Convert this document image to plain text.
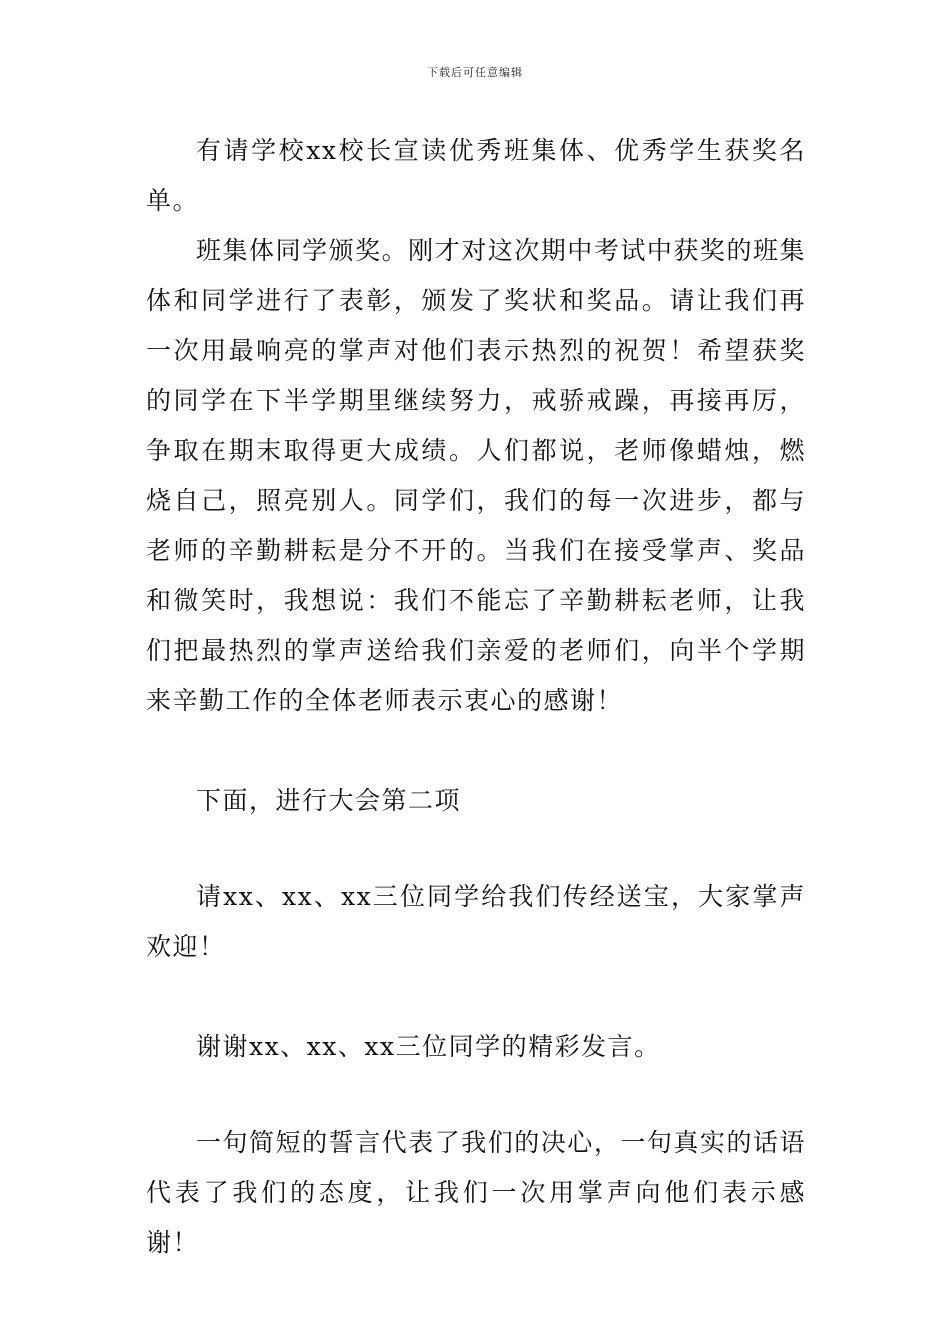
下载后可任意编辑

有请学校xx校长宣读优秀班集体、优秀学生获奖名单。

班集体同学颁奖。刚才对这次期中考试中获奖的班集体和同学进行了表彰，颁发了奖状和奖品。请让我们再一次用最响亮的掌声对他们表示热烈的祝贺！希望获奖的同学在下半学期里继续努力，戒骄戒躁，再接再厉，争取在期末取得更大成绩。人们都说，老师像蜡烛，燃烧自己，照亮别人。同学们，我们的每一次进步，都与老师的辛勤耕耘是分不开的。当我们在接受掌声、奖品和微笑时，我想说：我们不能忘了辛勤耕耘老师，让我们把最热烈的掌声送给我们亲爱的老师们，向半个学期来辛勤工作的全体老师表示衷心的感谢！

下面，进行大会第二项

请xx、xx、xx三位同学给我们传经送宝，大家掌声欢迎！

谢谢xx、xx、xx三位同学的精彩发言。

一句简短的誓言代表了我们的决心，一句真实的话语代表了我们的态度，让我们一次用掌声向他们表示感谢！
